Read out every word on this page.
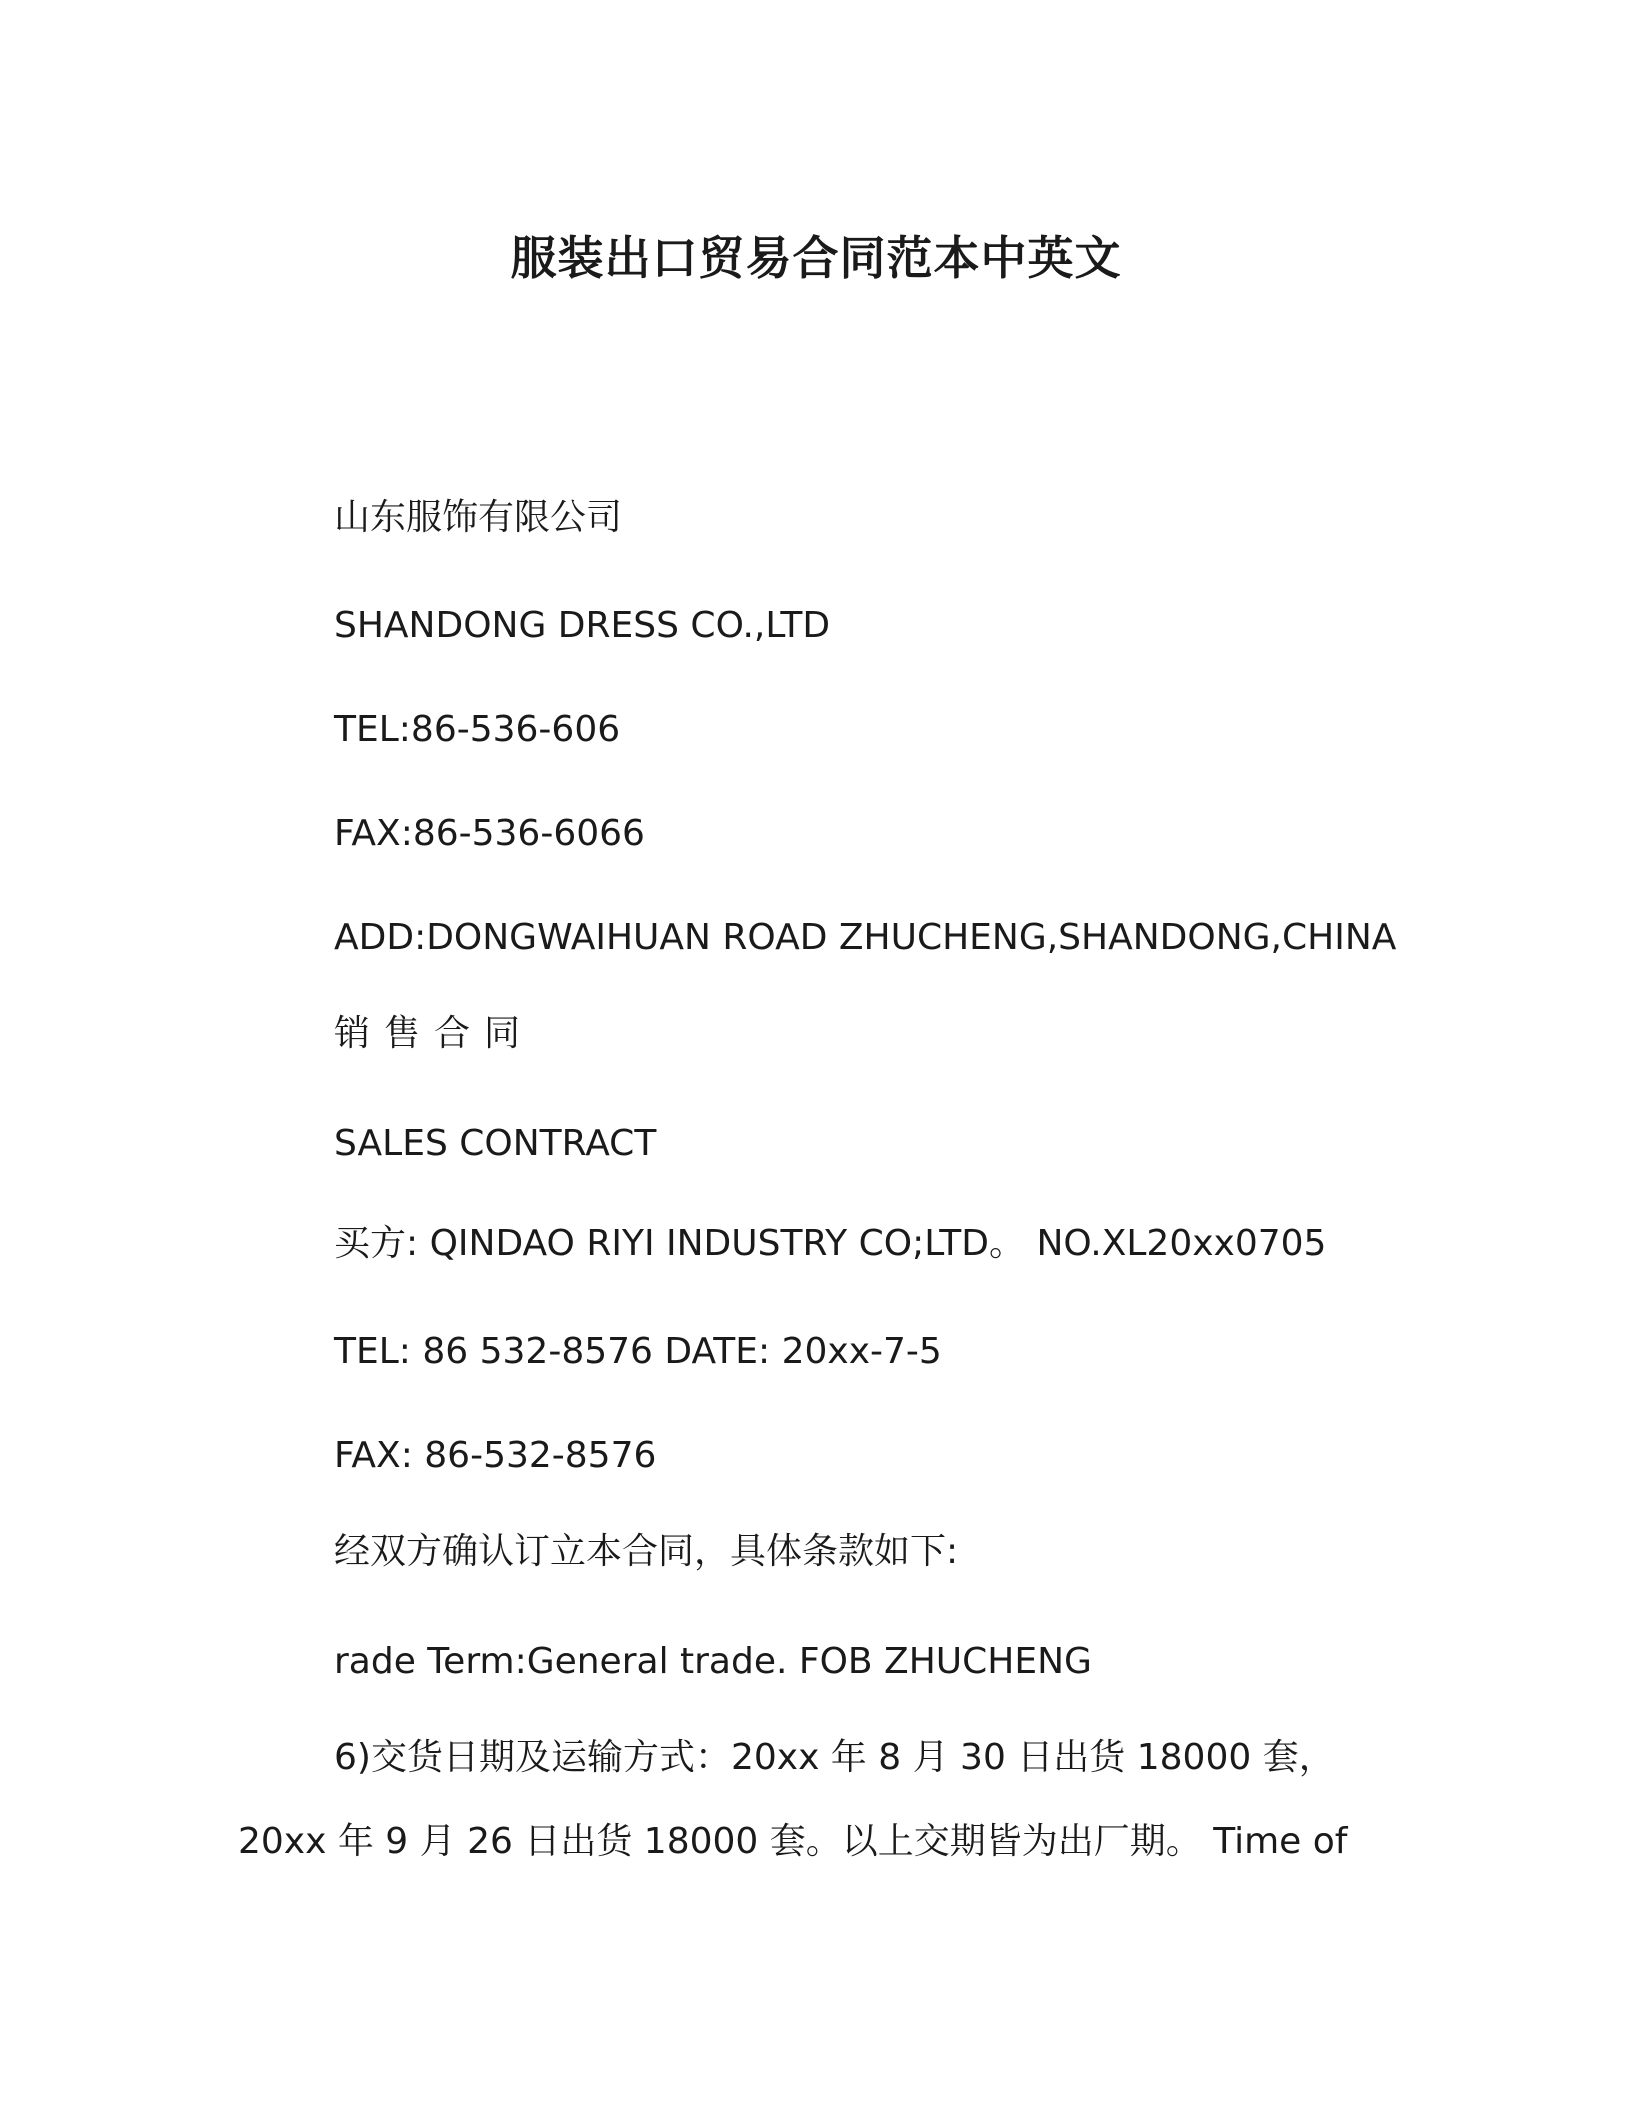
服装出口贸易合同范本中英文
山东服饰有限公司
SHANDONG DRESS CO.,LTD
TEL:86-536-606
FAX:86-536-6066
ADD:DONGWAIHUAN ROAD ZHUCHENG,SHANDONG,CHINA
销售合同
SALES CONTRACT
买方: QINDAO RIYI INDUSTRY CO;LTD。 NO.XL20xx0705
TEL: 86 532-8576 DATE: 20xx-7-5
FAX: 86-532-8576
经双方确认订立本合同，具体条款如下:
rade Term:General trade. FOB ZHUCHENG
6)交货日期及运输方式：20xx 年 8 月 30 日出货 18000 套，
20xx 年 9 月 26 日出货 18000 套。以上交期皆为出厂期。 Time of
